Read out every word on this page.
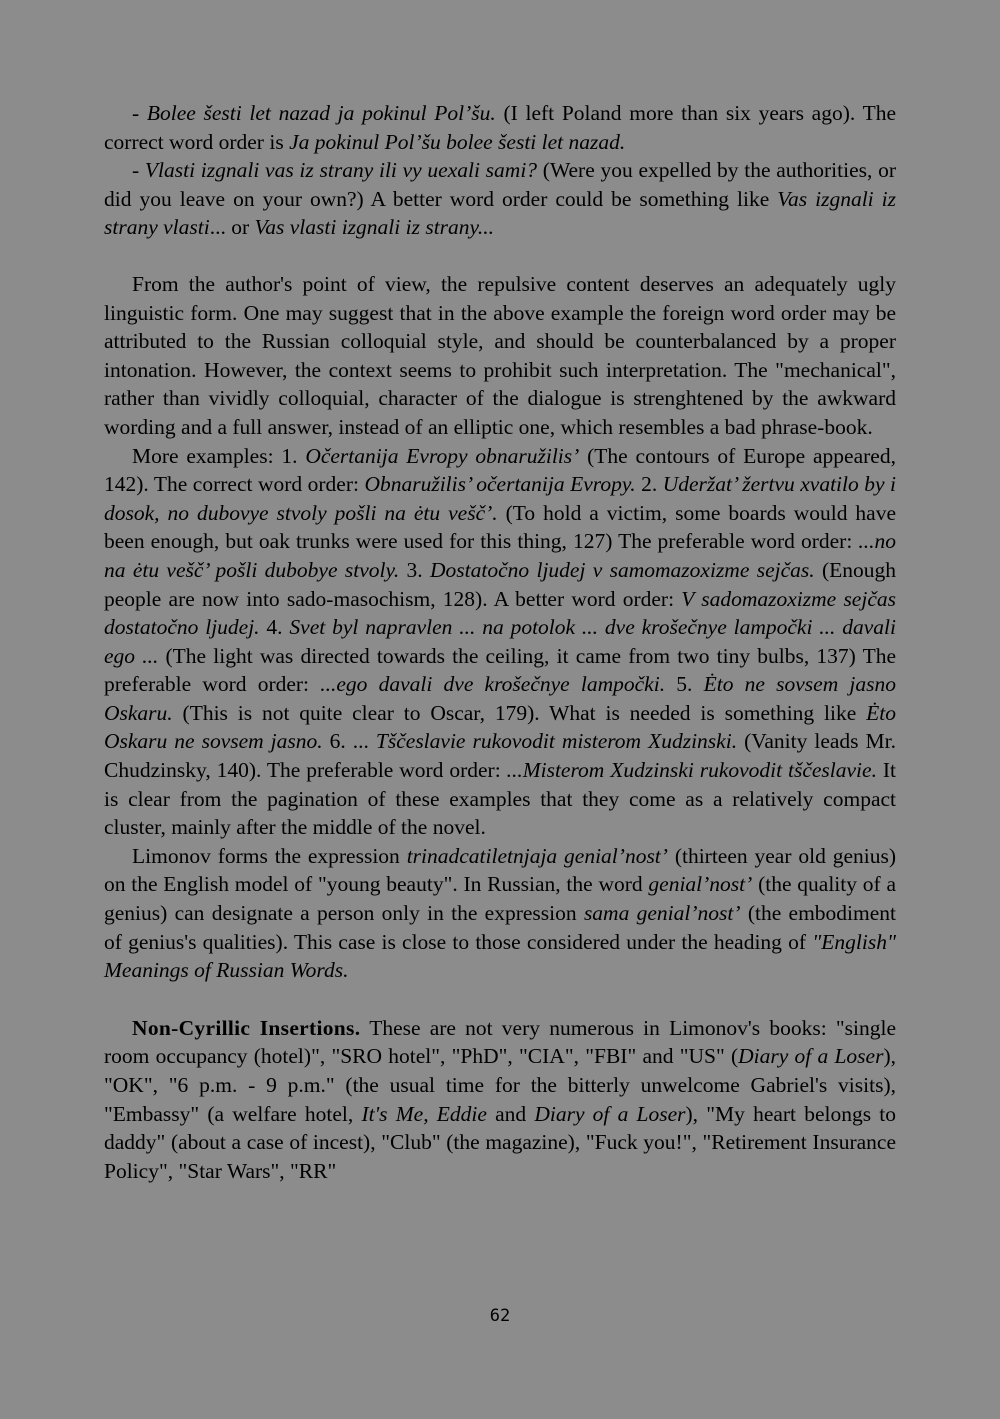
- Bolee šesti let nazad ja pokinul Pol’šu. (I left Poland more than six years ago). The correct word order is Ja pokinul Pol’šu bolee šesti let nazad.

- Vlasti izgnali vas iz strany ili vy uexali sami? (Were you expelled by the authorities, or did you leave on your own?) A better word order could be something like Vas izgnali iz strany vlasti... or Vas vlasti izgnali iz strany...

From the author's point of view, the repulsive content deserves an adequately ugly linguistic form. One may suggest that in the above example the foreign word order may be attributed to the Russian colloquial style, and should be counterbalanced by a proper intonation. However, the context seems to prohibit such interpretation. The "mechanical", rather than vividly colloquial, character of the dialogue is strenghtened by the awkward wording and a full answer, instead of an elliptic one, which resembles a bad phrase-book.

More examples: 1. Očertanija Evropy obnaružilis’ (The contours of Europe appeared, 142). The correct word order: Obnaružilis’ očertanija Evropy. 2. Uderžat’ žertvu xvatilo by i dosok, no dubovye stvoly pošli na ėtu vešč’. (To hold a victim, some boards would have been enough, but oak trunks were used for this thing, 127) The preferable word order: ...no na ėtu vešč’ pošli dubobye stvoly. 3. Dostatočno ljudej v samomazoxizme sejčas. (Enough people are now into sado-masochism, 128). A better word order: V sadomazoxizme sejčas dostatočno ljudej. 4. Svet byl napravlen ... na potolok ... dve krošečnye lampočki ... davali ego ... (The light was directed towards the ceiling, it came from two tiny bulbs, 137) The preferable word order: ...ego davali dve krošečnye lampočki. 5. Ėto ne sovsem jasno Oskaru. (This is not quite clear to Oscar, 179). What is needed is something like Ėto Oskaru ne sovsem jasno. 6. ... Tščeslavie rukovodit misterom Xudzinski. (Vanity leads Mr. Chudzinsky, 140). The preferable word order: ...Misterom Xudzinski rukovodit tščeslavie. It is clear from the pagination of these examples that they come as a relatively compact cluster, mainly after the middle of the novel.

Limonov forms the expression trinadcatiletnjaja genial’nost’ (thirteen year old genius) on the English model of "young beauty". In Russian, the word genial’nost’ (the quality of a genius) can designate a person only in the expression sama genial’nost’ (the embodiment of genius's qualities). This case is close to those considered under the heading of "English" Meanings of Russian Words.

Non-Cyrillic Insertions. These are not very numerous in Limonov's books: "single room occupancy (hotel)", "SRO hotel", "PhD", "CIA", "FBI" and "US" (Diary of a Loser), "OK", "6 p.m. - 9 p.m." (the usual time for the bitterly unwelcome Gabriel's visits), "Embassy" (a welfare hotel, It's Me, Eddie and Diary of a Loser), "My heart belongs to daddy" (about a case of incest), "Club" (the magazine), "Fuck you!", "Retirement Insurance Policy", "Star Wars", "RR"

62
